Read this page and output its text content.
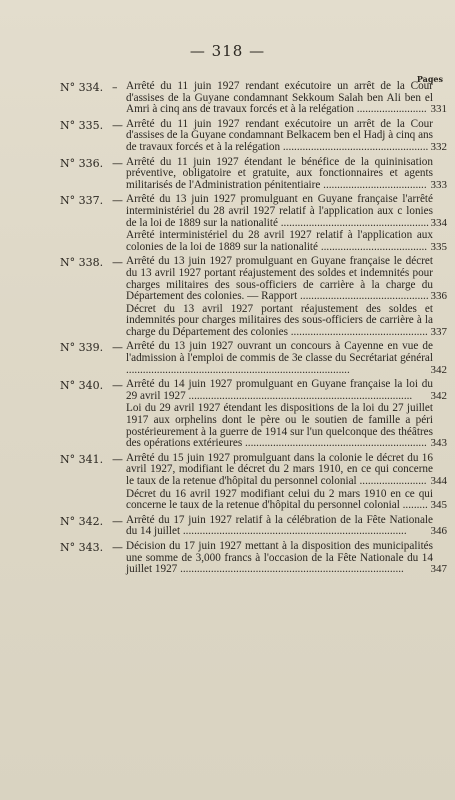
— 318 —
Pages
N° 334. – Arrêté du 11 juin 1927 rendant exécutoire un arrêt de la Cour d'assises de la Guyane condamnant Sekkoum Salah ben Ali ben el Amri à cinq ans de travaux forcés et à la relégation ......................... 331
N° 335. — Arrêté du 11 juin 1927 rendant exécutoire un arrêt de la Cour d'assises de la Guyane condamnant Belkacem ben el Hadj à cinq ans de travaux forcés et à la relégation .................................................... 332
N° 336. — Arrêté du 11 juin 1927 étendant le bénéfice de la quininisation préventive, obligatoire et gratuite, aux fonctionnaires et agents militarisés de l'Administration pénitentiaire ..................................... 333
N° 337. — Arrêté du 13 juin 1927 promulguant en Guyane française l'arrêté interministériel du 28 avril 1927 relatif à l'application aux c lonies de la loi de 1889 sur la nationalité ..................................................... 334
Arrêté interministériel du 28 avril 1927 relatif à l'application aux colonies de la loi de 1889 sur la nationalité ...................................... 335
N° 338. — Arrêté du 13 juin 1927 promulguant en Guyane française le décret du 13 avril 1927 portant réajustement des soldes et indemnités pour charges militaires des sous-officiers de carrière à la charge du Département des colonies. — Rapport .............................................. 336
Décret du 13 avril 1927 portant réajustement des soldes et indemnités pour charges militaires des sous-officiers de carrière à la charge du Département des colonies ................................................. 337
N° 339. — Arrêté du 13 juin 1927 ouvrant un concours à Cayenne en vue de l'admission à l'emploi de commis de 3e classe du Secrétariat général ................................................................................	342
N° 340. — Arrêté du 14 juin 1927 promulguant en Guyane française la loi du 29 avril 1927 ................................................................................ 342
Loi du 29 avril 1927 étendant les dispositions de la loi du 27 juillet 1917 aux orphelins dont le père ou le soutien de famille a péri postérieurement à la guerre de 1914 sur l'un quelconque des théâtres des opérations extérieures ................................................................. 343
N° 341. — Arrêté du 15 juin 1927 promulguant dans la colonie le décret du 16 avril 1927, modifiant le décret du 2 mars 1910, en ce qui concerne le taux de la retenue d'hôpital du personnel colonial ........................ 344
Décret du 16 avril 1927 modifiant celui du 2 mars 1910 en ce qui concerne le taux de la retenue d'hôpital du personnel colonial ......... 345
N° 342. — Arrêté du 17 juin 1927 relatif à la célébration de la Fête Nationale du 14 juillet ................................................................................ 346
N° 343. — Décision du 17 juin 1927 mettant à la disposition des municipalités une somme de 3,000 francs à l'occasion de la Fête Nationale du 14 juillet 1927 ................................................................................ 347
